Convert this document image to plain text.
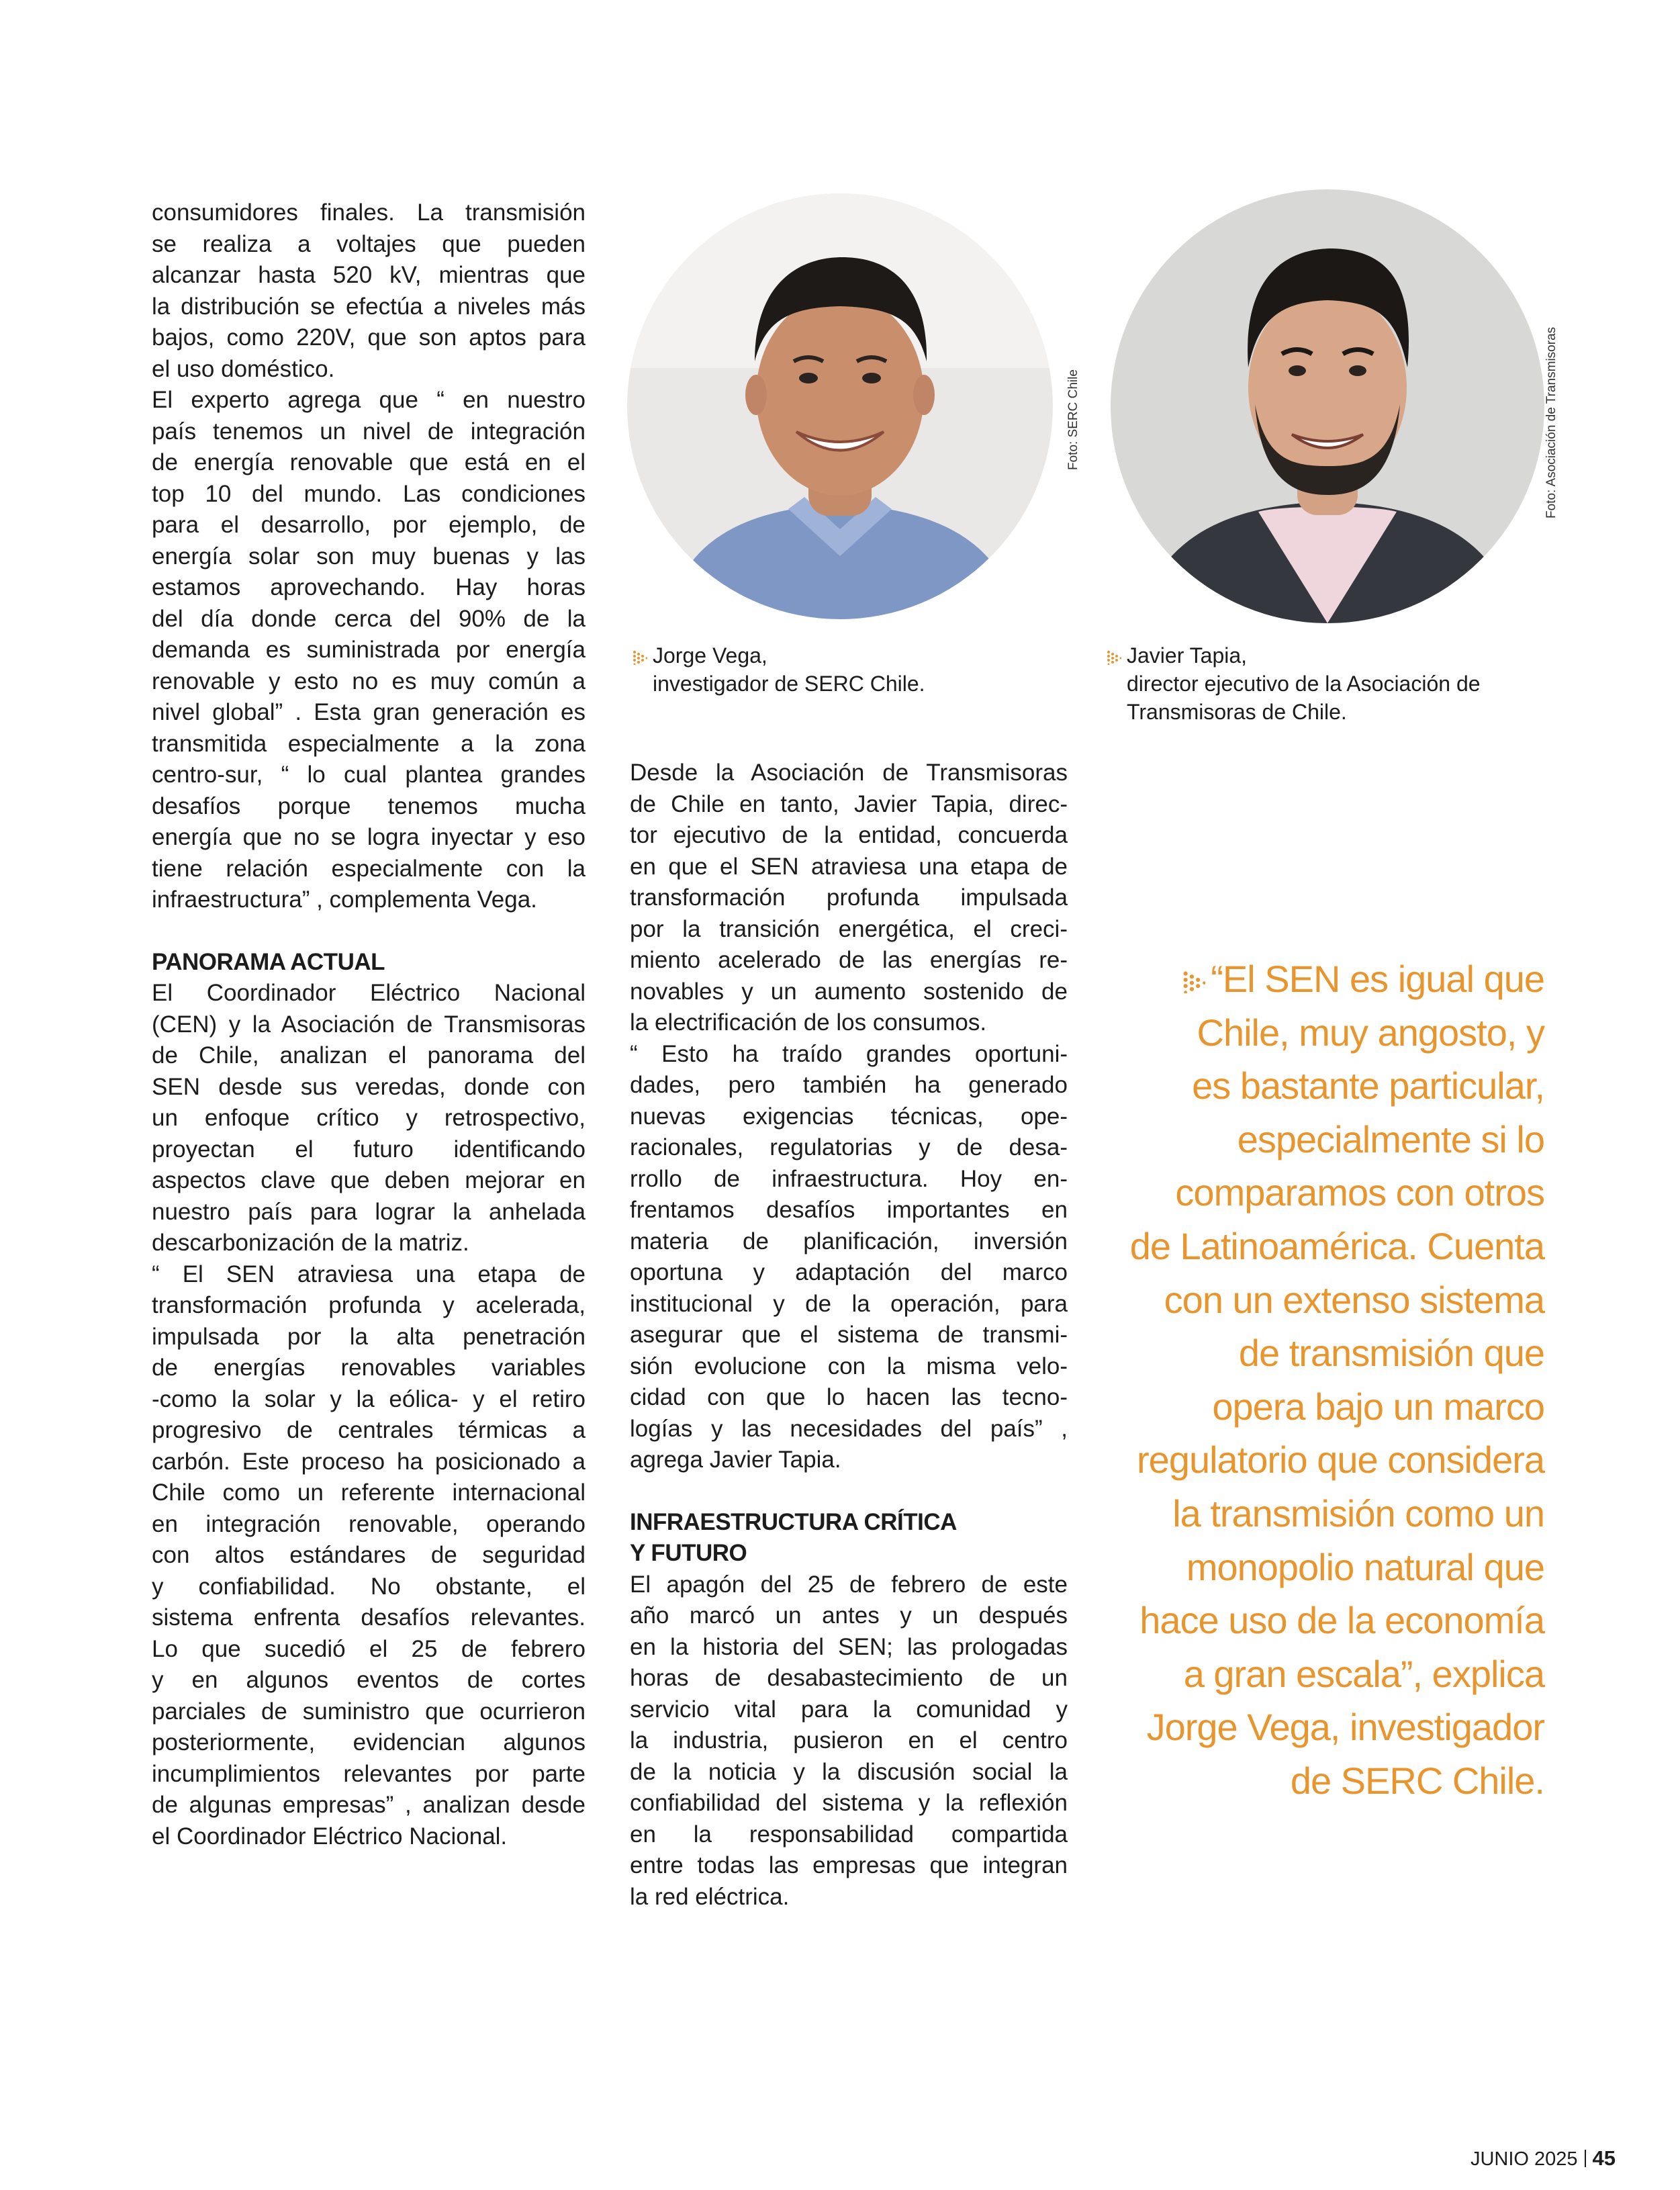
consumidores finales. La transmisión
se realiza a voltajes que pueden
alcanzar hasta 520 kV, mientras que
la distribución se efectúa a niveles más
bajos, como 220V, que son aptos para
el uso doméstico.
El experto agrega que “ en nuestro
país tenemos un nivel de integración
de energía renovable que está en el
top 10 del mundo. Las condiciones
para el desarrollo, por ejemplo, de
energía solar son muy buenas y las
estamos aprovechando. Hay horas
del día donde cerca del 90% de la
demanda es suministrada por energía
renovable y esto no es muy común a
nivel global” . Esta gran generación es
transmitida especialmente a la zona
centro-sur, “ lo cual plantea grandes
desafíos porque tenemos mucha
energía que no se logra inyectar y eso
tiene relación especialmente con la
infraestructura” , complementa Vega.
PANORAMA ACTUAL
El Coordinador Eléctrico Nacional
(CEN) y la Asociación de Transmisoras
de Chile, analizan el panorama del
SEN desde sus veredas, donde con
un enfoque crítico y retrospectivo,
proyectan el futuro identificando
aspectos clave que deben mejorar en
nuestro país para lograr la anhelada
descarbonización de la matriz.
“ El SEN atraviesa una etapa de
transformación profunda y acelerada,
impulsada por la alta penetración
de energías renovables variables
-como la solar y la eólica- y el retiro
progresivo de centrales térmicas a
carbón. Este proceso ha posicionado a
Chile como un referente internacional
en integración renovable, operando
con altos estándares de seguridad
y confiabilidad. No obstante, el
sistema enfrenta desafíos relevantes.
Lo que sucedió el 25 de febrero
y en algunos eventos de cortes
parciales de suministro que ocurrieron
posteriormente, evidencian algunos
incumplimientos relevantes por parte
de algunas empresas” , analizan desde
el Coordinador Eléctrico Nacional.
Desde la Asociación de Transmisoras
de Chile en tanto, Javier Tapia, direc-
tor ejecutivo de la entidad, concuerda
en que el SEN atraviesa una etapa de
transformación profunda impulsada
por la transición energética, el creci-
miento acelerado de las energías re-
novables y un aumento sostenido de
la electrificación de los consumos.
“ Esto ha traído grandes oportuni-
dades, pero también ha generado
nuevas exigencias técnicas, ope-
racionales, regulatorias y de desa-
rrollo de infraestructura. Hoy en-
frentamos desafíos importantes en
materia de planificación, inversión
oportuna y adaptación del marco
institucional y de la operación, para
asegurar que el sistema de transmi-
sión evolucione con la misma velo-
cidad con que lo hacen las tecno-
logías y las necesidades del país” ,
agrega Javier Tapia.
INFRAESTRUCTURA CRÍTICA
Y FUTURO
El apagón del 25 de febrero de este
año marcó un antes y un después
en la historia del SEN; las prologadas
horas de desabastecimiento de un
servicio vital para la comunidad y
la industria, pusieron en el centro
de la noticia y la discusión social la
confiabilidad del sistema y la reflexión
en la responsabilidad compartida
entre todas las empresas que integran
la red eléctrica.
Foto: SERC Chile	Foto: Asociación de Transmisoras
Jorge Vega,
investigador de SERC Chile.
Javier Tapia,
director ejecutivo de la Asociación de
Transmisoras de Chile.
“El SEN es igual que
Chile, muy angosto, y
es bastante particular,
especialmente si lo
comparamos con otros
de Latinoamérica. Cuenta
con un extenso sistema
de transmisión que
opera bajo un marco
regulatorio que considera
la transmisión como un
monopolio natural que
hace uso de la economía
a gran escala”, explica
Jorge Vega, investigador
de SERC Chile.
JUNIO 2025 45
